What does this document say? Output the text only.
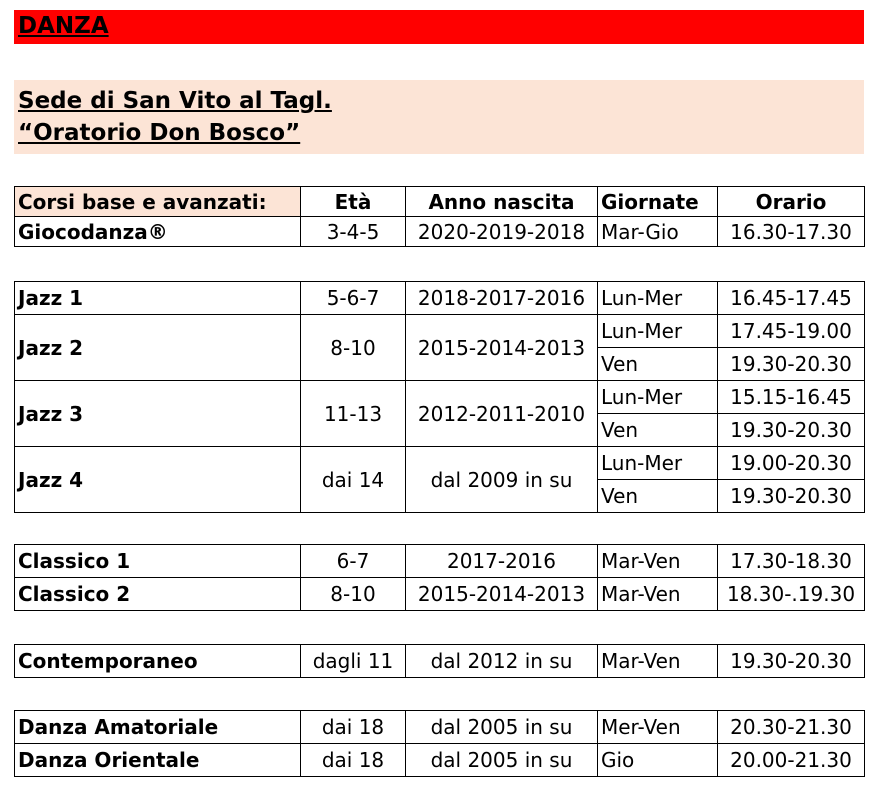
DANZA
Sede di San Vito al Tagl.
“Oratorio Don Bosco”
Corsi base e avanzati:	Età	Anno nascita	Giornate	Orario
Giocodanza®	3-4-5	2020-2019-2018	Mar-Gio	16.30-17.30
Jazz 1	5-6-7	2018-2017-2016	Lun-Mer	16.45-17.45
Jazz 2	8-10	2015-2014-2013	Lun-Mer	17.45-19.00
			Ven	19.30-20.30
Jazz 3	11-13	2012-2011-2010	Lun-Mer	15.15-16.45
			Ven	19.30-20.30
Jazz 4	dai 14	dal 2009 in su	Lun-Mer	19.00-20.30
			Ven	19.30-20.30
Classico 1	6-7	2017-2016	Mar-Ven	17.30-18.30
Classico 2	8-10	2015-2014-2013	Mar-Ven	18.30-.19.30
Contemporaneo	dagli 11	dal 2012 in su	Mar-Ven	19.30-20.30
Danza Amatoriale	dai 18	dal 2005 in su	Mer-Ven	20.30-21.30
Danza Orientale	dai 18	dal 2005 in su	Gio	20.00-21.30
